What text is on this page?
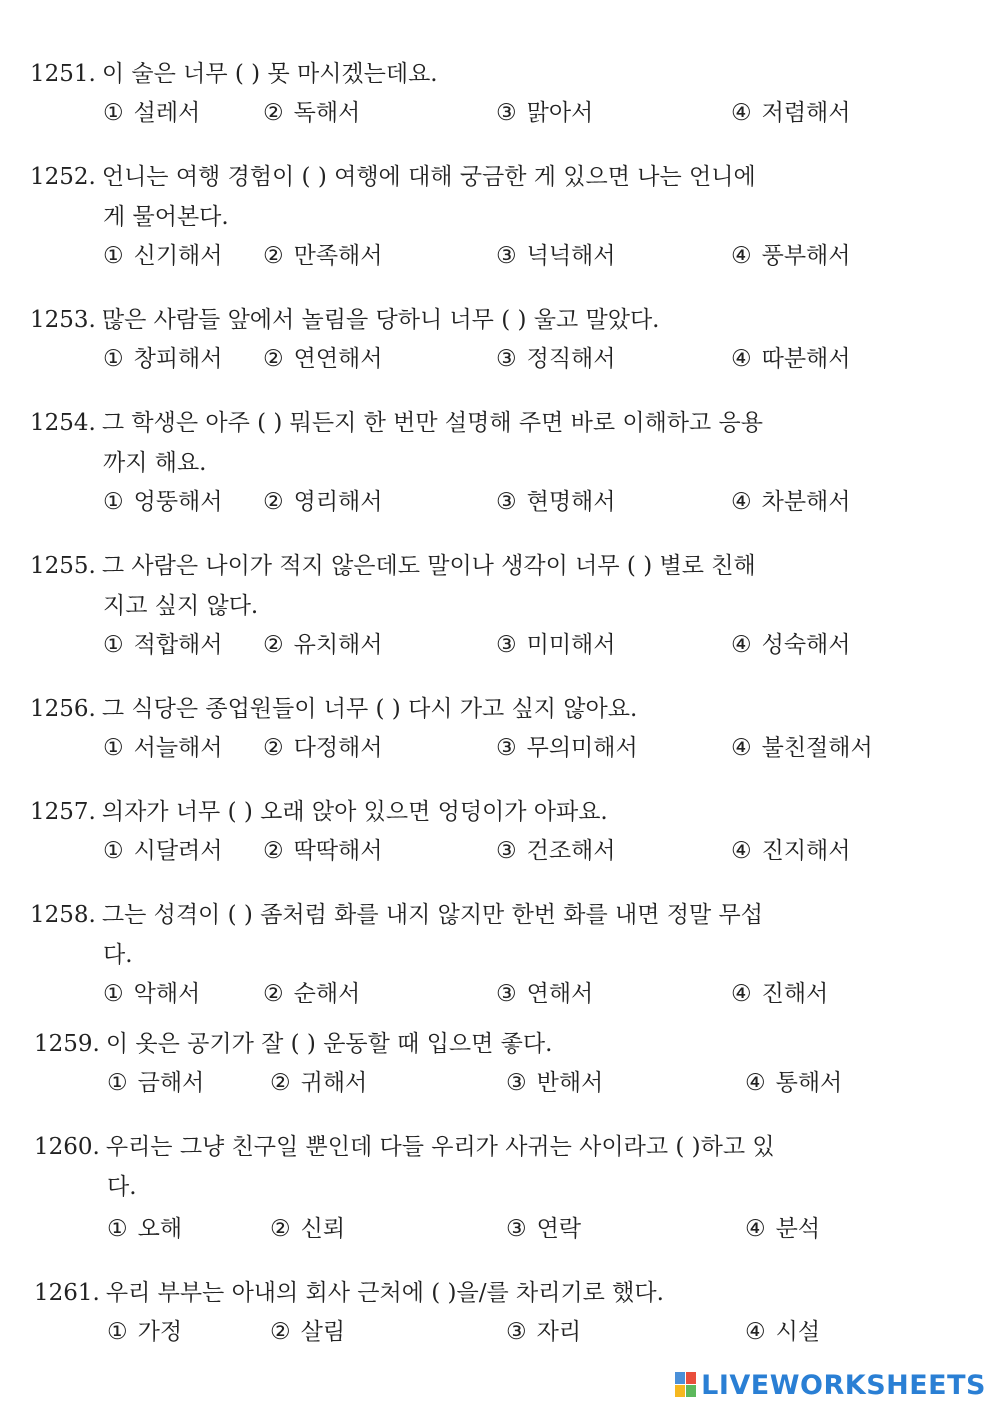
1251. 이 술은 너무 ( ) 못 마시겠는데요.
① 설레서	② 독해서	③ 맑아서	④ 저렴해서
1252. 언니는 여행 경험이 ( ) 여행에 대해 궁금한 게 있으면 나는 언니에
게 물어본다.
① 신기해서 ② 만족해서	③ 넉넉해서	④ 풍부해서
1253. 많은 사람들 앞에서 놀림을 당하니 너무 ( ) 울고 말았다.
① 창피해서 ② 연연해서	③ 정직해서	④ 따분해서
1254. 그 학생은 아주 ( ) 뭐든지 한 번만 설명해 주면 바로 이해하고 응용
까지 해요.
① 엉뚱해서 ② 영리해서	③ 현명해서	④ 차분해서
1255. 그 사람은 나이가 적지 않은데도 말이나 생각이 너무 ( ) 별로 친해
지고 싶지 않다.
① 적합해서 ② 유치해서	③ 미미해서	④ 성숙해서
1256. 그 식당은 종업원들이 너무 ( ) 다시 가고 싶지 않아요.
① 서늘해서 ② 다정해서	③ 무의미해서	④ 불친절해서
1257. 의자가 너무 ( ) 오래 앉아 있으면 엉덩이가 아파요.
① 시달려서 ② 딱딱해서	③ 건조해서	④ 진지해서
1258. 그는 성격이 ( ) 좀처럼 화를 내지 않지만 한번 화를 내면 정말 무섭
다.
① 악해서	② 순해서	③ 연해서	④ 진해서
1259. 이 옷은 공기가 잘 ( ) 운동할 때 입으면 좋다.
① 금해서	② 귀해서	③ 반해서	④ 통해서
1260. 우리는 그냥 친구일 뿐인데 다들 우리가 사귀는 사이라고 ( )하고 있
다.
① 오해	② 신뢰	③ 연락	④ 분석
1261. 우리 부부는 아내의 회사 근처에 ( )을/를 차리기로 했다.
① 가정	② 살림	③ 자리	④ 시설
LIVEWORKSHEETS
